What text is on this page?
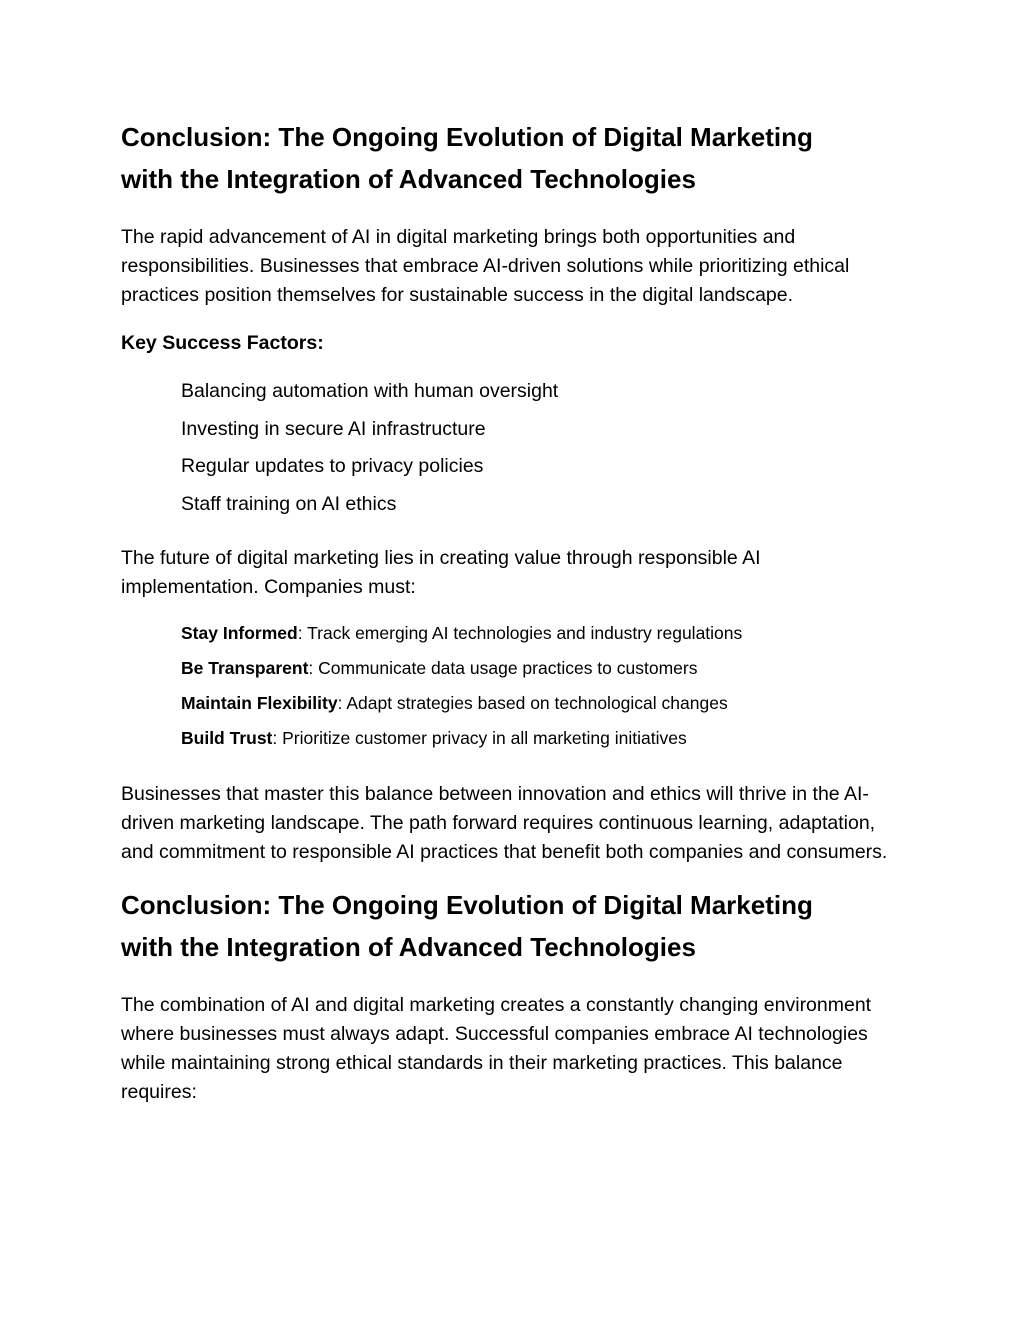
Conclusion: The Ongoing Evolution of Digital Marketing
with the Integration of Advanced Technologies

The rapid advancement of AI in digital marketing brings both opportunities and responsibilities. Businesses that embrace AI-driven solutions while prioritizing ethical practices position themselves for sustainable success in the digital landscape.

Key Success Factors:

Balancing automation with human oversight
Investing in secure AI infrastructure
Regular updates to privacy policies
Staff training on AI ethics

The future of digital marketing lies in creating value through responsible AI implementation. Companies must:

Stay Informed: Track emerging AI technologies and industry regulations
Be Transparent: Communicate data usage practices to customers
Maintain Flexibility: Adapt strategies based on technological changes
Build Trust: Prioritize customer privacy in all marketing initiatives

Businesses that master this balance between innovation and ethics will thrive in the AI-driven marketing landscape. The path forward requires continuous learning, adaptation, and commitment to responsible AI practices that benefit both companies and consumers.

Conclusion: The Ongoing Evolution of Digital Marketing
with the Integration of Advanced Technologies

The combination of AI and digital marketing creates a constantly changing environment where businesses must always adapt. Successful companies embrace AI technologies while maintaining strong ethical standards in their marketing practices. This balance requires:
